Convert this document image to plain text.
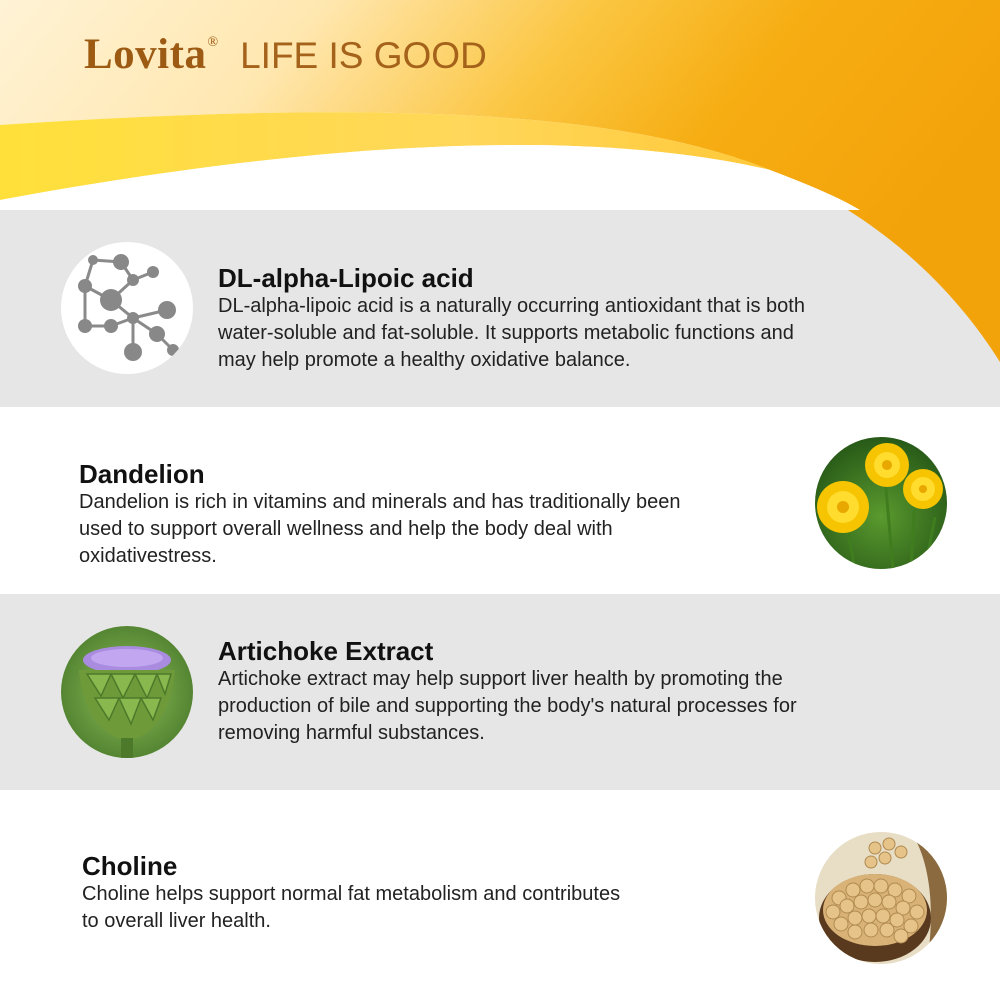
Lovita ® LIFE IS GOOD
DL-alpha-Lipoic acid

DL-alpha-lipoic acid is a naturally occurring antioxidant that is both

water-soluble and fat-soluble. It supports metabolic functions and

may help promote a healthy oxidative balance.

Dandelion

Dandelion is rich in vitamins and minerals and has traditionally been

used to support overall wellness and help the body deal with

oxidativestress.

Artichoke Extract

Artichoke extract may help support liver health by promoting the

production of bile and supporting the body's natural processes for

removing harmful substances.

Choline

Choline helps support normal fat metabolism and contributes

to overall liver health.
